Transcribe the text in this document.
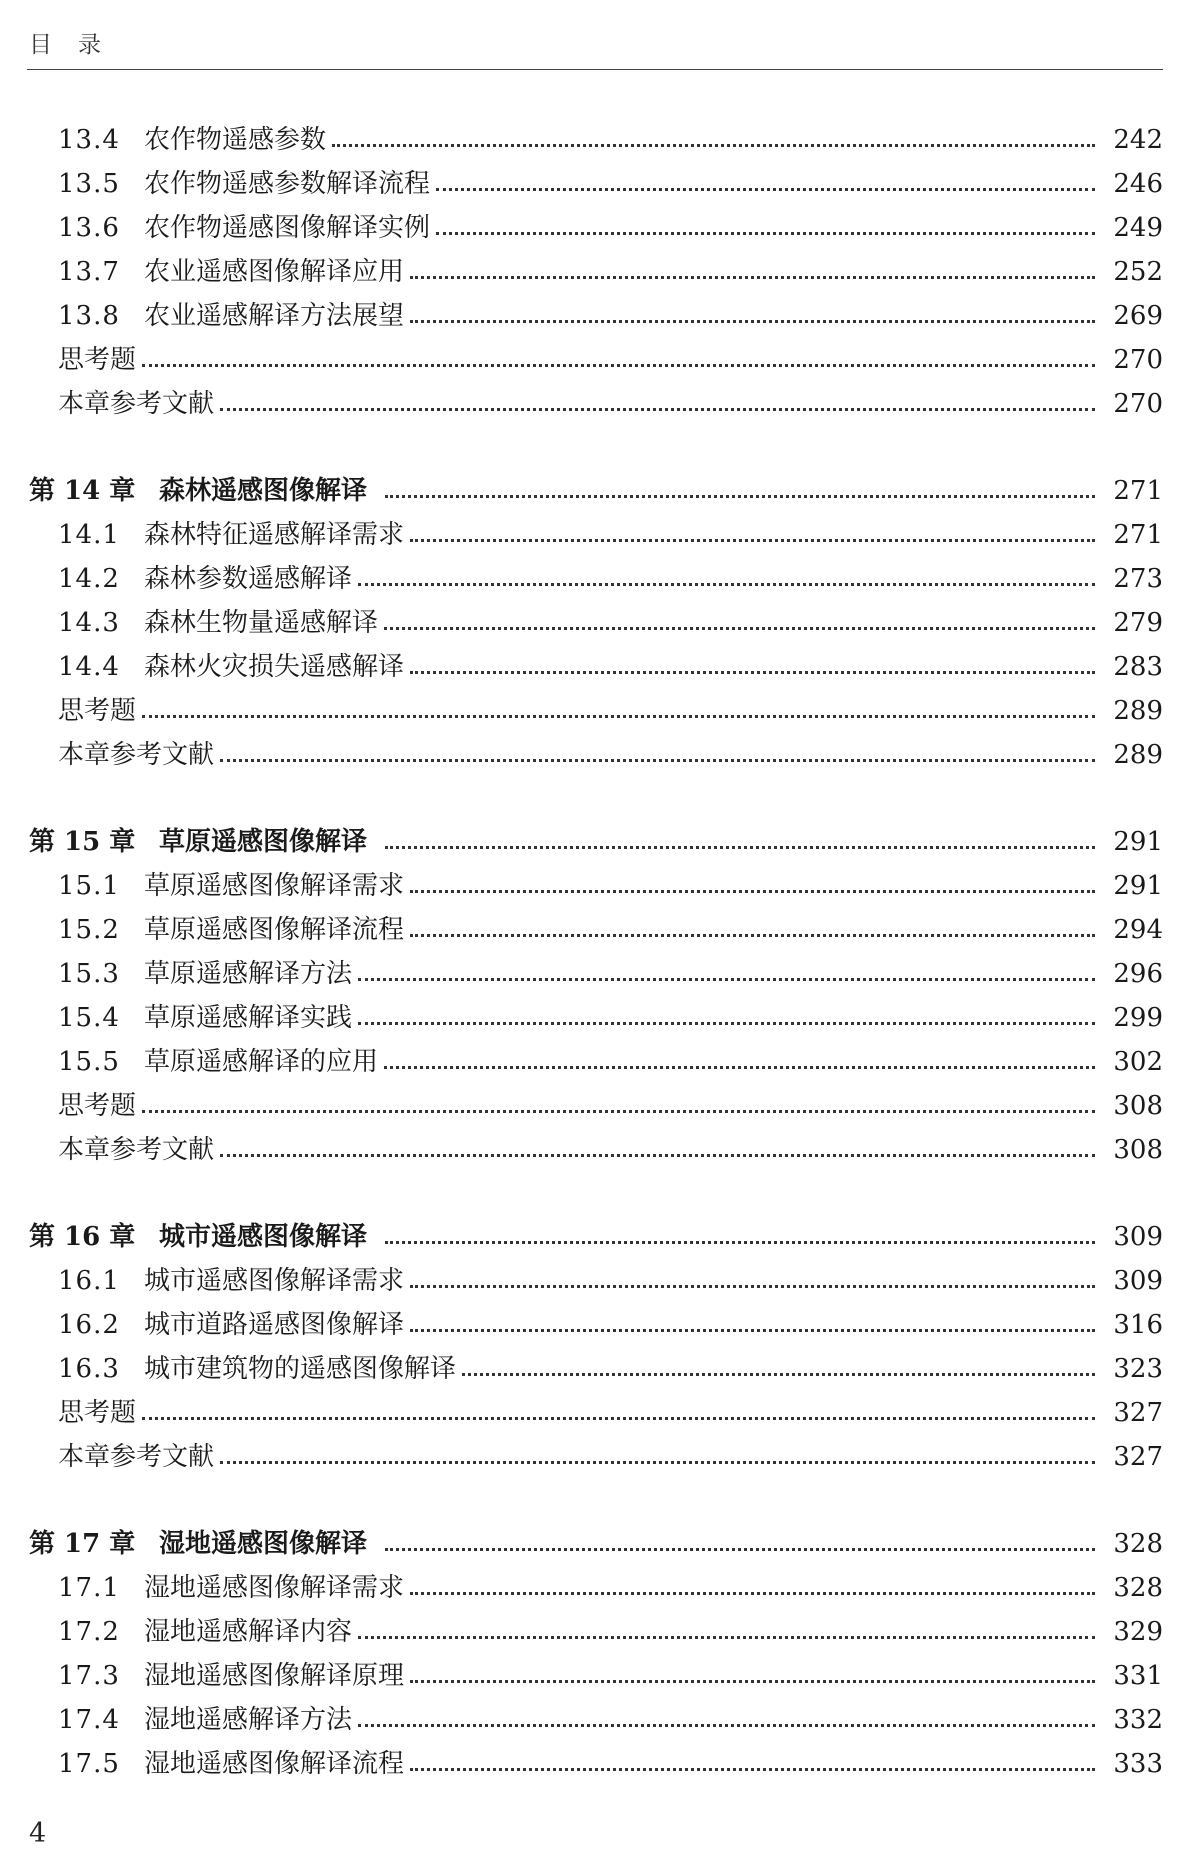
目录
13.4 农作物遥感参数	242
13.5 农作物遥感参数解译流程	246
13.6 农作物遥感图像解译实例	249
13.7 农业遥感图像解译应用	252
13.8 农业遥感解译方法展望	269
思考题	270
本章参考文献	270
第 14 章 森林遥感图像解译	271
14.1 森林特征遥感解译需求	271
14.2 森林参数遥感解译	273
14.3 森林生物量遥感解译	279
14.4 森林火灾损失遥感解译	283
思考题	289
本章参考文献	289
第 15 章 草原遥感图像解译	291
15.1 草原遥感图像解译需求	291
15.2 草原遥感图像解译流程	294
15.3 草原遥感解译方法	296
15.4 草原遥感解译实践	299
15.5 草原遥感解译的应用	302
思考题	308
本章参考文献	308
第 16 章 城市遥感图像解译	309
16.1 城市遥感图像解译需求	309
16.2 城市道路遥感图像解译	316
16.3 城市建筑物的遥感图像解译	323
思考题	327
本章参考文献	327
第 17 章 湿地遥感图像解译	328
17.1 湿地遥感图像解译需求	328
17.2 湿地遥感解译内容	329
17.3 湿地遥感图像解译原理	331
17.4 湿地遥感解译方法	332
17.5 湿地遥感图像解译流程	333
4
